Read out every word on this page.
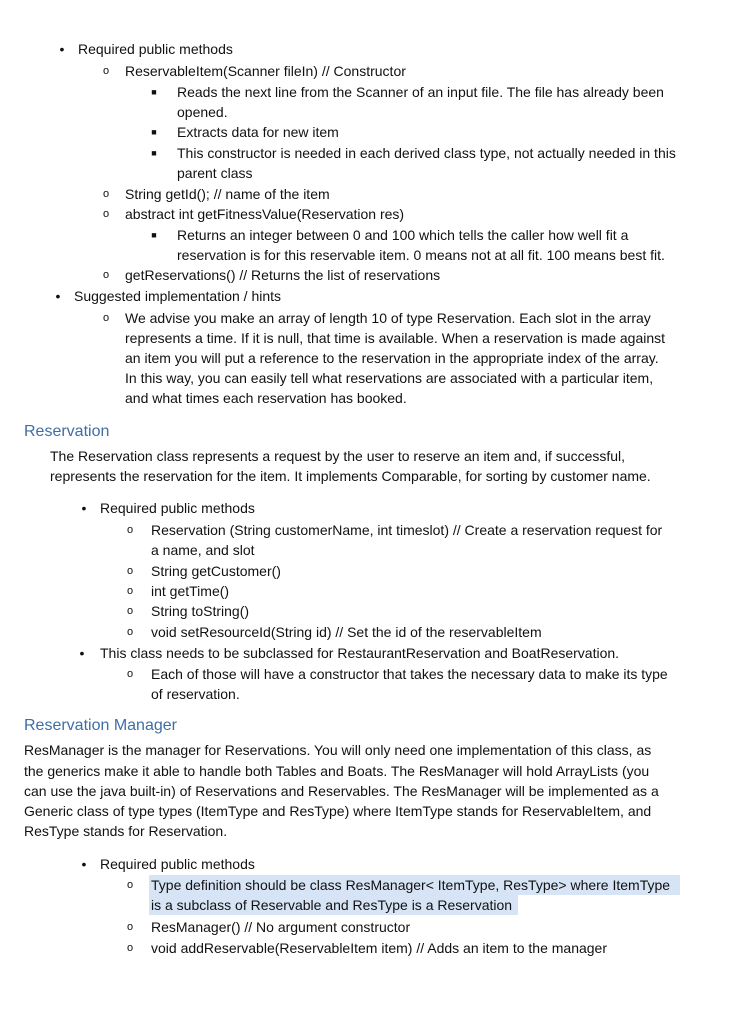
• Required public methods
o ReservableItem(Scanner fileIn) // Constructor
■ Reads the next line from the Scanner of an input file. The file has already been
opened.
■ Extracts data for new item
■ This constructor is needed in each derived class type, not actually needed in this
parent class
o String getId(); // name of the item
o abstract int getFitnessValue(Reservation res)
■ Returns an integer between 0 and 100 which tells the caller how well fit a
reservation is for this reservable item. 0 means not at all fit. 100 means best fit.
o getReservations() // Returns the list of reservations
• Suggested implementation / hints
o We advise you make an array of length 10 of type Reservation. Each slot in the array
represents a time. If it is null, that time is available. When a reservation is made against
an item you will put a reference to the reservation in the appropriate index of the array.
In this way, you can easily tell what reservations are associated with a particular item,
and what times each reservation has booked.
Reservation
The Reservation class represents a request by the user to reserve an item and, if successful,
represents the reservation for the item. It implements Comparable, for sorting by customer name.
• Required public methods
o Reservation (String customerName, int timeslot) // Create a reservation request for
a name, and slot
o String getCustomer()
o int getTime()
o String toString()
o void setResourceId(String id) // Set the id of the reservableItem
• This class needs to be subclassed for RestaurantReservation and BoatReservation.
o Each of those will have a constructor that takes the necessary data to make its type
of reservation.
Reservation Manager
ResManager is the manager for Reservations. You will only need one implementation of this class, as
the generics make it able to handle both Tables and Boats. The ResManager will hold ArrayLists (you
can use the java built-in) of Reservations and Reservables. The ResManager will be implemented as a
Generic class of type types (ItemType and ResType) where ItemType stands for ReservableItem, and
ResType stands for Reservation.
• Required public methods
o Type definition should be class ResManager< ItemType, ResType> where ItemType
is a subclass of Reservable and ResType is a Reservation
o ResManager() // No argument constructor
o void addReservable(ReservableItem item) // Adds an item to the manager
